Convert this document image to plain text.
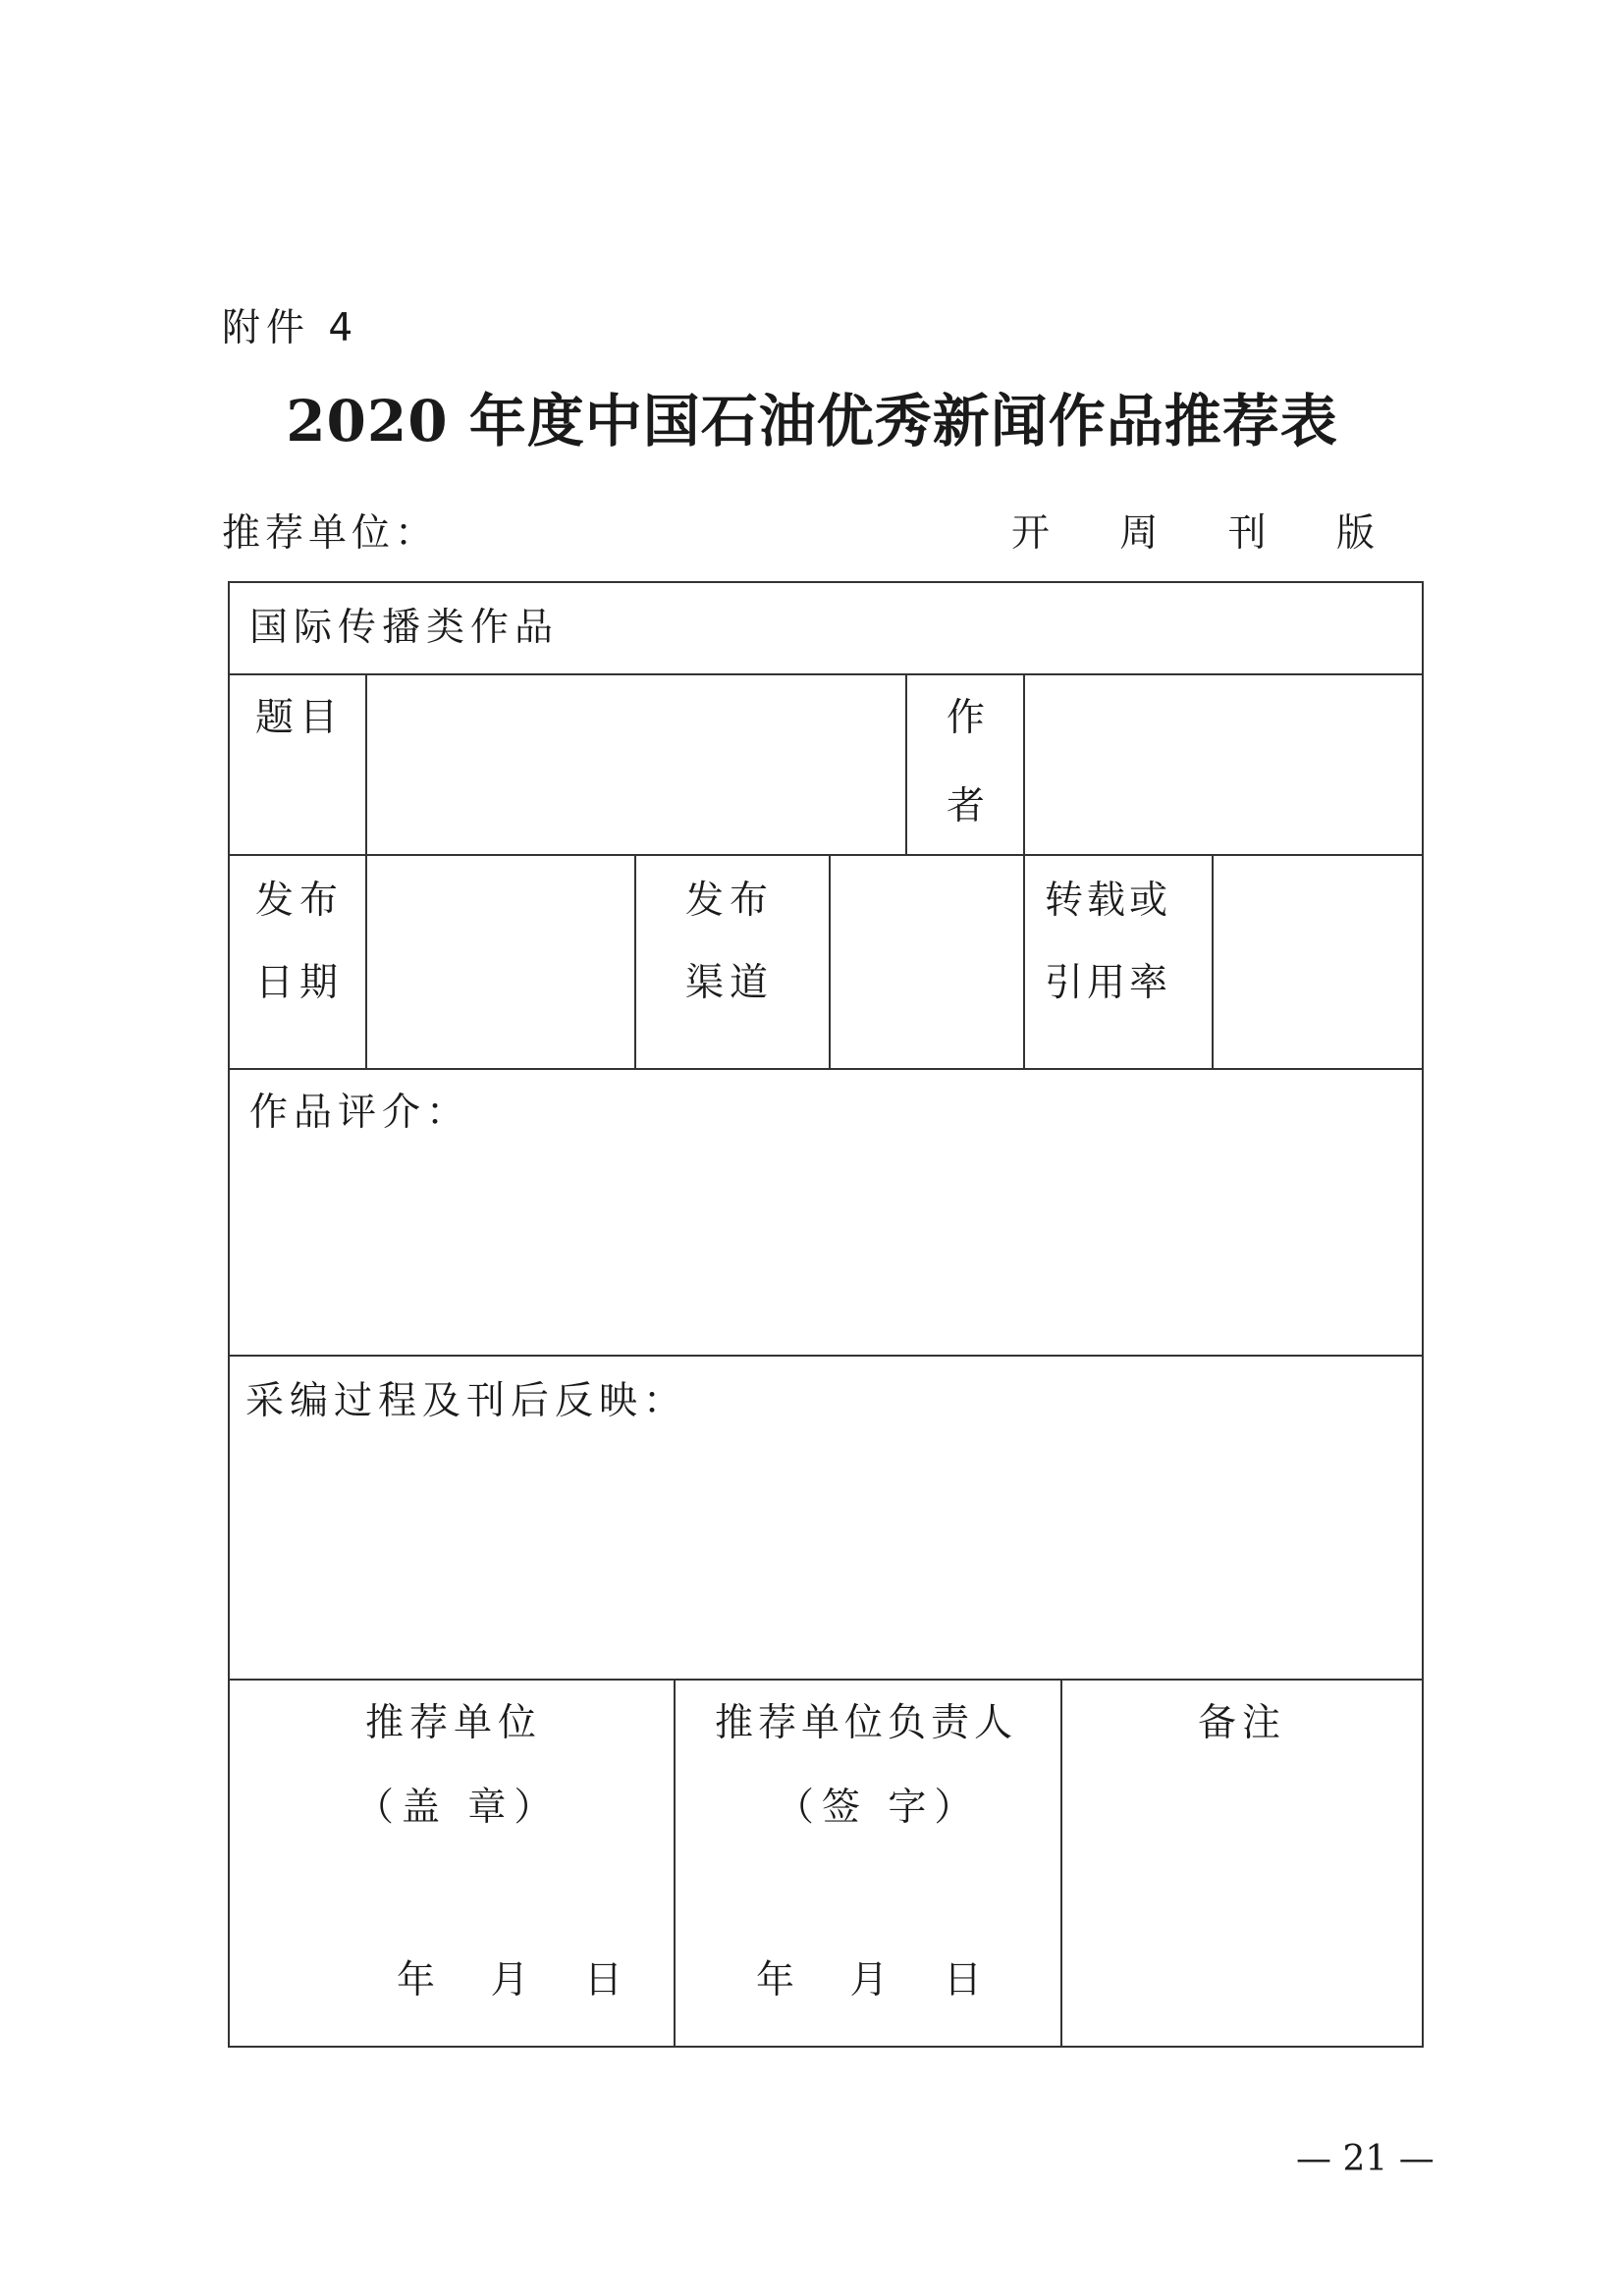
附件 4
2020 年度中国石油优秀新闻作品推荐表
推荐单位：	开 周 刊 版
国际传播类作品
题目	作
者
发布
日期
发布
渠道
转载或
引用率
作品评介：
采编过程及刊后反映：
推荐单位
（盖 章）
年 月 日
推荐单位负责人
（签 字）
年 月 日
备注
— 21 —
